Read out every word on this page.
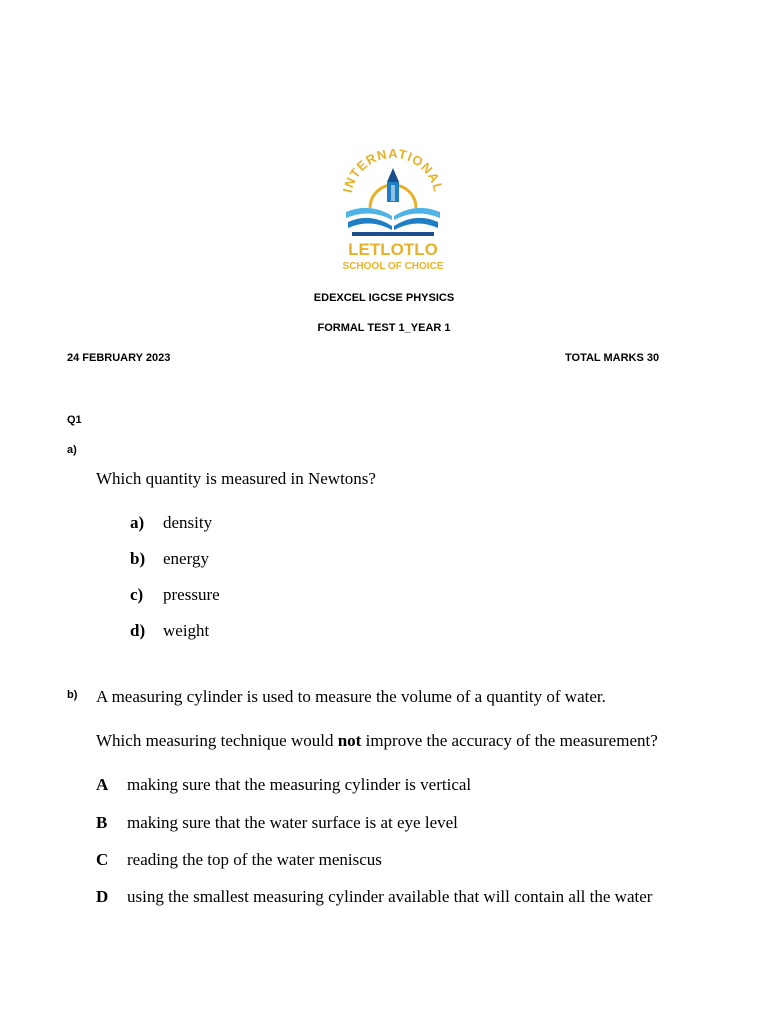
INTERNATIONAL
LETLOTLO
SCHOOL OF CHOICE
EDEXCEL IGCSE PHYSICS
FORMAL TEST 1_YEAR 1
24 FEBRUARY 2023	TOTAL MARKS 30
Q1
a)
Which quantity is measured in Newtons?
a) density
b) energy
c) pressure
d) weight
b) A measuring cylinder is used to measure the volume of a quantity of water.
Which measuring technique would not improve the accuracy of the measurement?
A making sure that the measuring cylinder is vertical
B making sure that the water surface is at eye level
C reading the top of the water meniscus
D using the smallest measuring cylinder available that will contain all the water
